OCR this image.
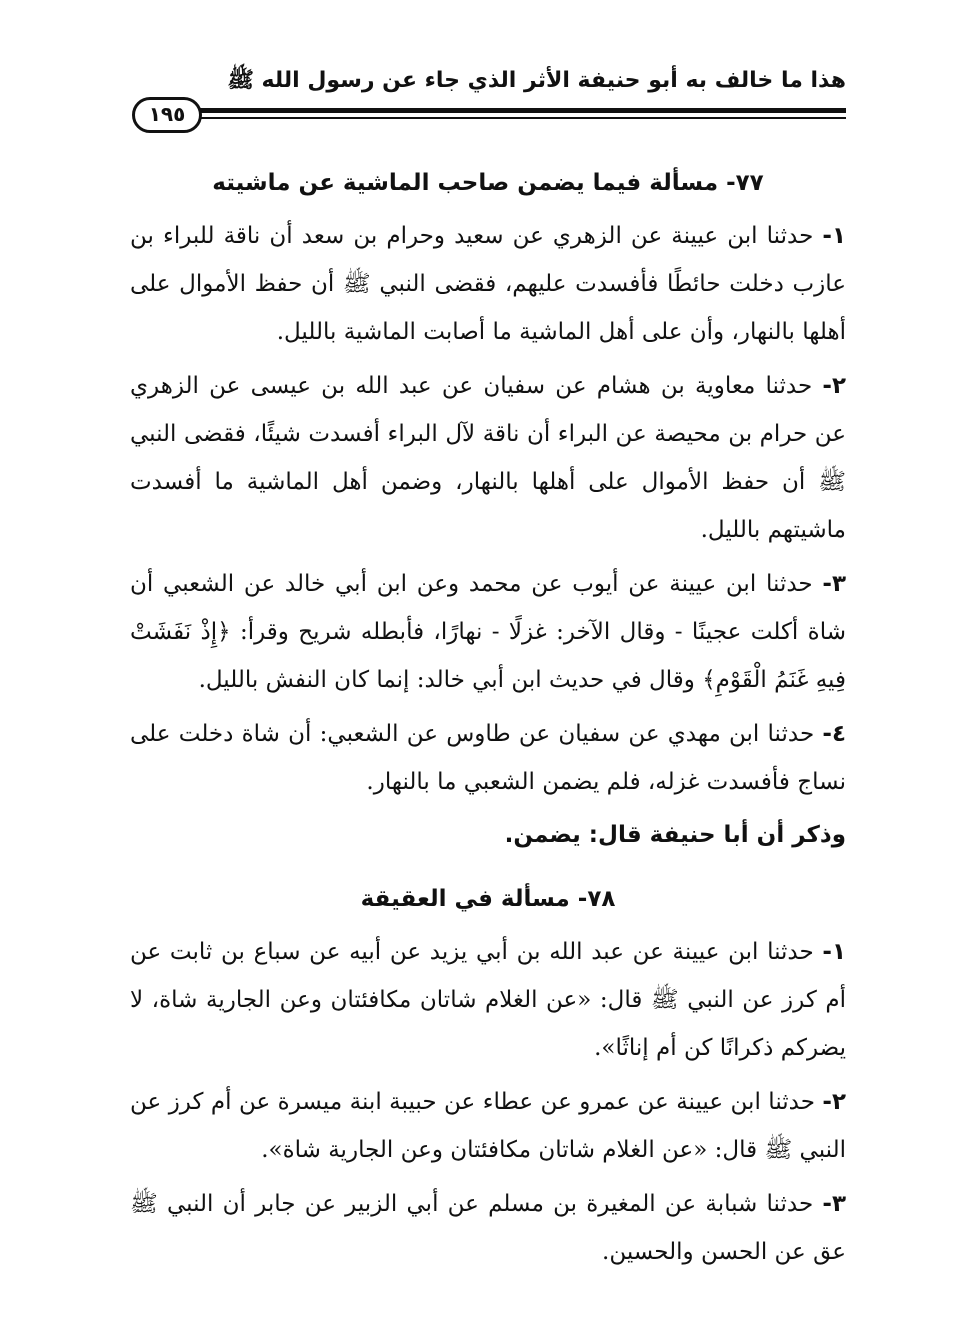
هذا ما خالف به أبو حنيفة الأثر الذي جاء عن رسول الله ﷺ
١٩٥
٧٧- مسألة فيما يضمن صاحب الماشية عن ماشيته

١- حدثنا ابن عيينة عن الزهري عن سعيد وحرام بن سعد أن ناقة للبراء بن عازب دخلت حائطًا فأفسدت عليهم، فقضى النبي ﷺ أن حفظ الأموال على أهلها بالنهار، وأن على أهل الماشية ما أصابت الماشية بالليل.

٢- حدثنا معاوية بن هشام عن سفيان عن عبد الله بن عيسى عن الزهري عن حرام بن محيصة عن البراء أن ناقة لآل البراء أفسدت شيئًا، فقضى النبي ﷺ أن حفظ الأموال على أهلها بالنهار، وضمن أهل الماشية ما أفسدت ماشيتهم بالليل.

٣- حدثنا ابن عيينة عن أيوب عن محمد وعن ابن أبي خالد عن الشعبي أن شاة أكلت عجينًا - وقال الآخر: غزلًا - نهارًا، فأبطله شريح وقرأ: ﴿إِذْ نَفَشَتْ فِيهِ غَنَمُ الْقَوْمِ﴾ وقال في حديث ابن أبي خالد: إنما كان النفش بالليل.

٤- حدثنا ابن مهدي عن سفيان عن طاوس عن الشعبي: أن شاة دخلت على نساج فأفسدت غزله، فلم يضمن الشعبي ما بالنهار.

وذكر أن أبا حنيفة قال: يضمن.
٧٨- مسألة في العقيقة

١- حدثنا ابن عيينة عن عبد الله بن أبي يزيد عن أبيه عن سباع بن ثابت عن أم كرز عن النبي ﷺ قال: «عن الغلام شاتان مكافئتان وعن الجارية شاة، لا يضركم ذكرانًا كن أم إناثًا».

٢- حدثنا ابن عيينة عن عمرو عن عطاء عن حبيبة ابنة ميسرة عن أم كرز عن النبي ﷺ قال: «عن الغلام شاتان مكافئتان وعن الجارية شاة».

٣- حدثنا شبابة عن المغيرة بن مسلم عن أبي الزبير عن جابر أن النبي ﷺ عق عن الحسن والحسين.
